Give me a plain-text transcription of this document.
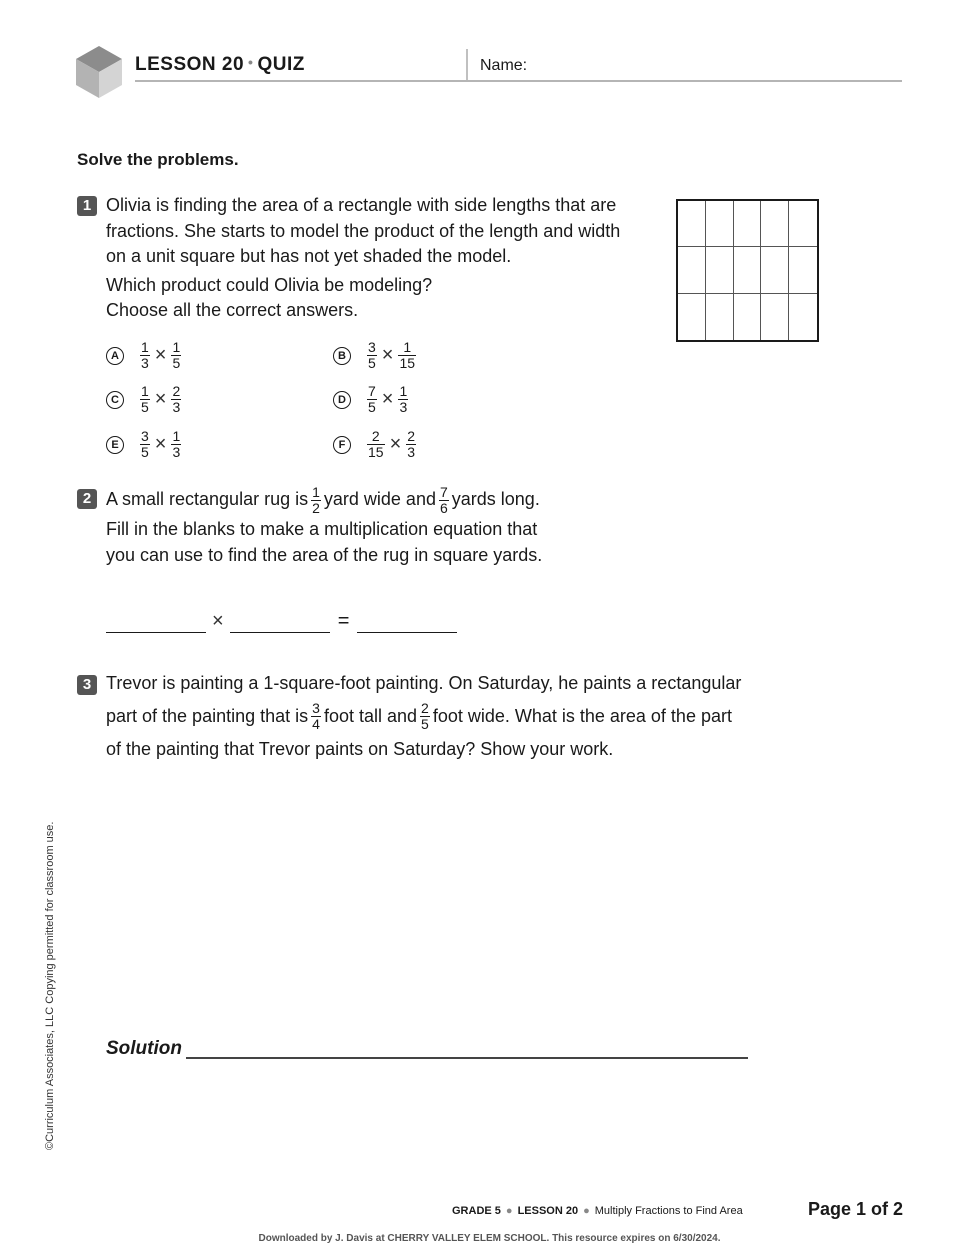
LESSON 20 • QUIZ	Name:
Solve the problems.
1 Olivia is finding the area of a rectangle with side lengths that are
fractions. She starts to model the product of the length and width
on a unit square but has not yet shaded the model.
Which product could Olivia be modeling?
Choose all the correct answers.
A	$\frac{1}{3} \times \frac{1}{5}$	B	$\frac{3}{5} \times \frac{1}{15}$
C	$\frac{1}{5} \times \frac{2}{3}$	D	$\frac{7}{5} \times \frac{1}{3}$
E	$\frac{3}{5} \times \frac{1}{3}$	F	$\frac{2}{15} \times \frac{2}{3}$
2 A small rectangular rug is $\frac{1}{2}$ yard wide and $\frac{7}{6}$ yards long.
Fill in the blanks to make a multiplication equation that
you can use to find the area of the rug in square yards.
×	=
3 Trevor is painting a 1-square-foot painting. On Saturday, he paints a rectangular
part of the painting that is $\frac{3}{4}$ foot tall and $\frac{2}{5}$ foot wide. What is the area of the part
of the painting that Trevor paints on Saturday? Show your work.
Solution
©Curriculum Associates, LLC Copying permitted for classroom use.
GRADE 5 ● LESSON 20 ● Multiply Fractions to Find Area	Page 1 of 2
Downloaded by J. Davis at CHERRY VALLEY ELEM SCHOOL. This resource expires on 6/30/2024.
